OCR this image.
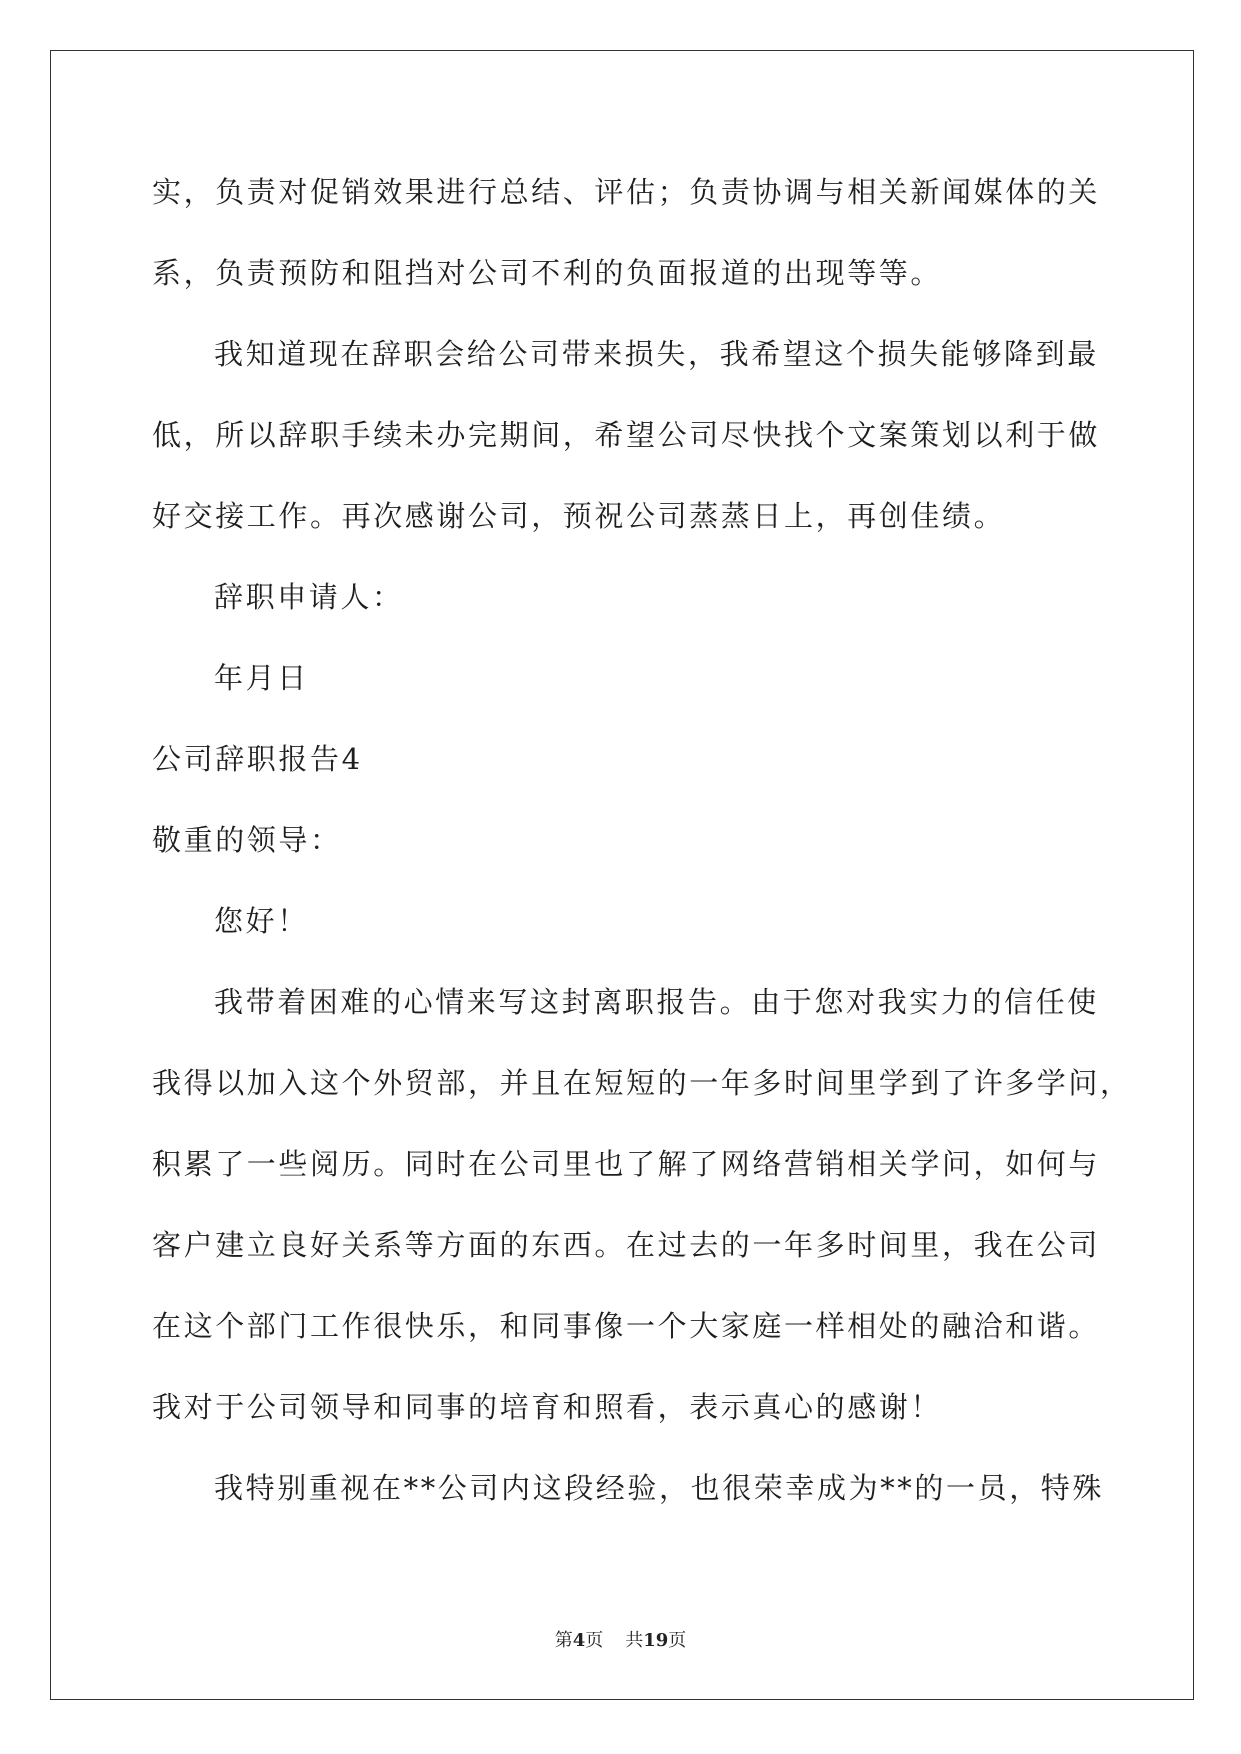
实，负责对促销效果进行总结、评估；负责协调与相关新闻媒体的关
系，负责预防和阻挡对公司不利的负面报道的出现等等。
我知道现在辞职会给公司带来损失，我希望这个损失能够降到最
低，所以辞职手续未办完期间，希望公司尽快找个文案策划以利于做
好交接工作。再次感谢公司，预祝公司蒸蒸日上，再创佳绩。
辞职申请人：
年月日
公司辞职报告4
敬重的领导：
您好！
我带着困难的心情来写这封离职报告。由于您对我实力的信任使
我得以加入这个外贸部，并且在短短的一年多时间里学到了许多学问，
积累了一些阅历。同时在公司里也了解了网络营销相关学问，如何与
客户建立良好关系等方面的东西。在过去的一年多时间里，我在公司
在这个部门工作很快乐，和同事像一个大家庭一样相处的融洽和谐。
我对于公司领导和同事的培育和照看，表示真心的感谢！
我特别重视在**公司内这段经验，也很荣幸成为**的一员，特殊
第4页 共19页
